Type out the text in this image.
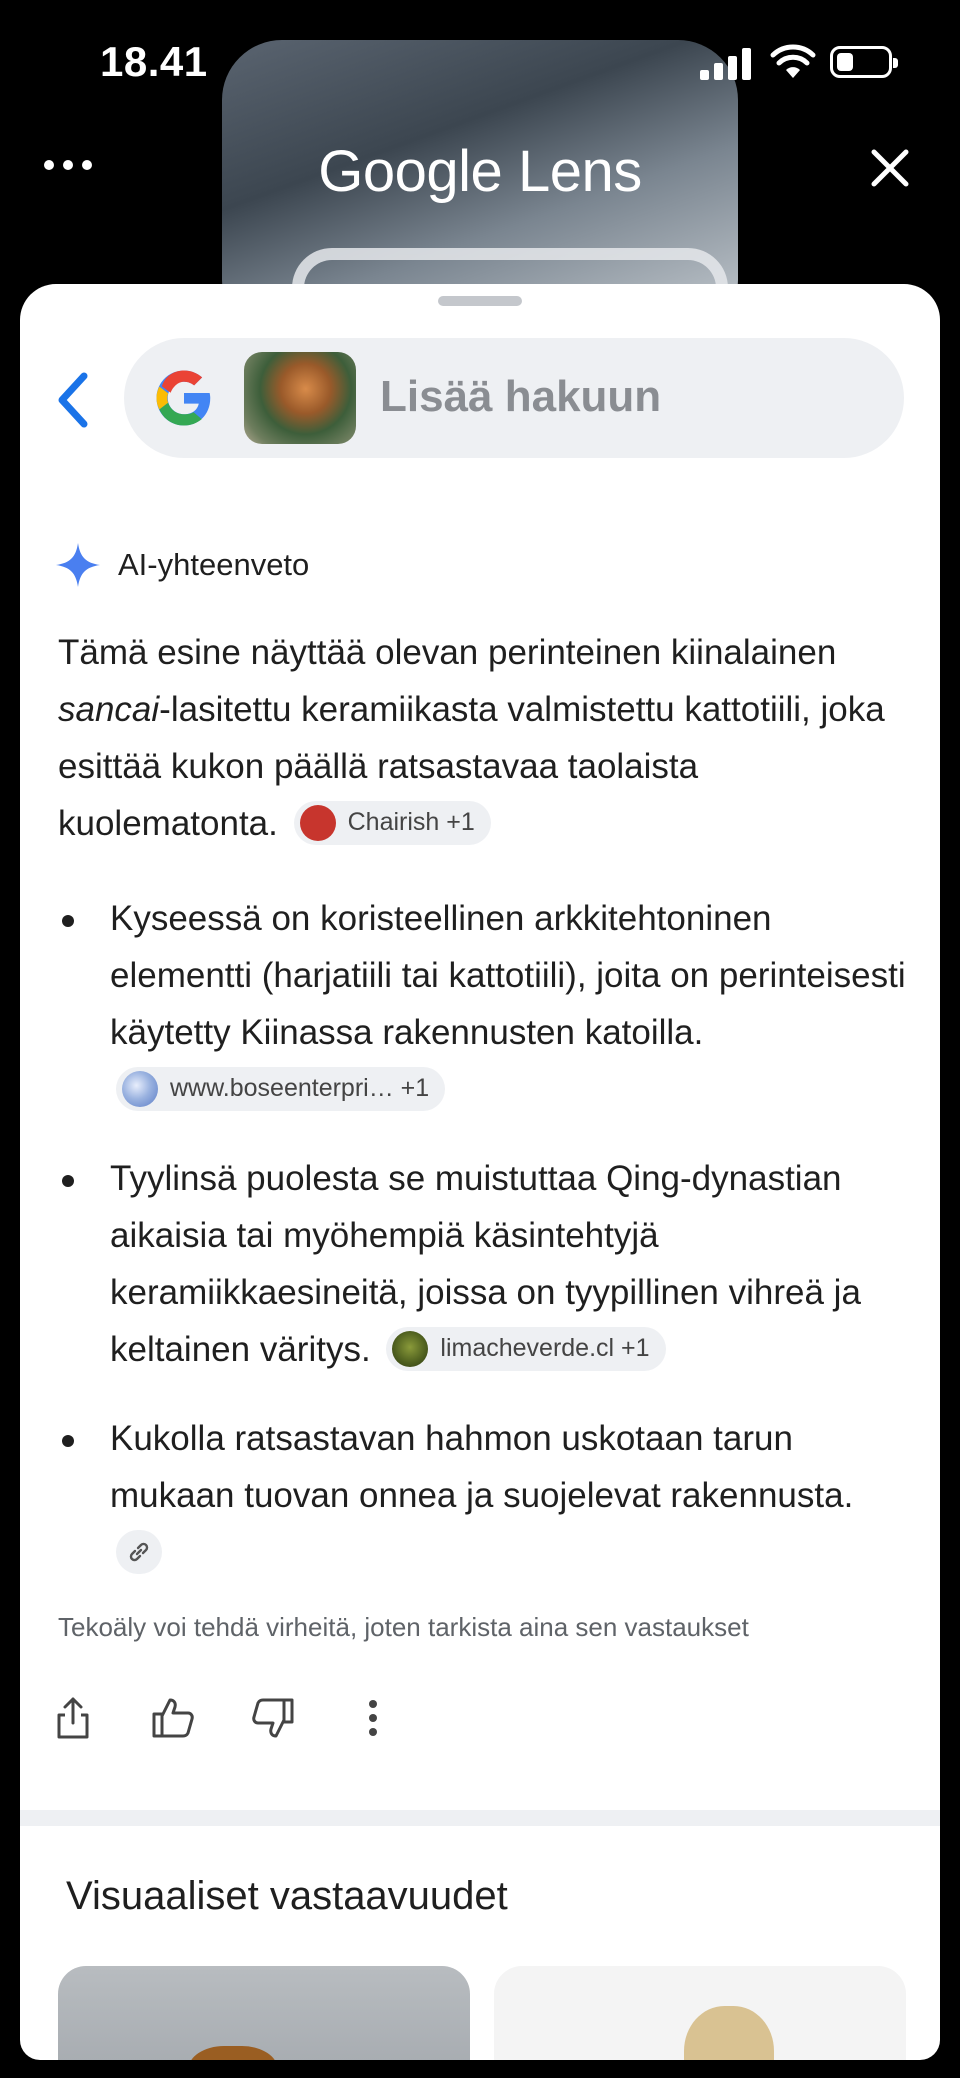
18.41
Google Lens
Lisää hakuun
AI-yhteenveto

Tämä esine näyttää olevan perinteinen kiinalainen sancai-lasitettu keramiikasta valmistettu kattotiili, joka esittää kukon päällä ratsastavaa taolaista kuolematonta.	Chairish +1

Kyseessä on koristeellinen arkkitehtoninen elementti (harjatiili tai kattotiili), joita on perinteisesti käytetty Kiinassa rakennusten katoilla.
www.boseenterpri… +1
Tyylinsä puolesta se muistuttaa Qing-dynastian aikaisia tai myöhempiä käsintehtyjä keramiikkaesineitä, joissa on tyypillinen vihreä ja keltainen väritys.	limacheverde.cl +1
Kukolla ratsastavan hahmon uskotaan tarun mukaan tuovan onnea ja suojelevat rakennusta.
Tekoäly voi tehdä virheitä, joten tarkista aina sen vastaukset
Visuaaliset vastaavuudet
